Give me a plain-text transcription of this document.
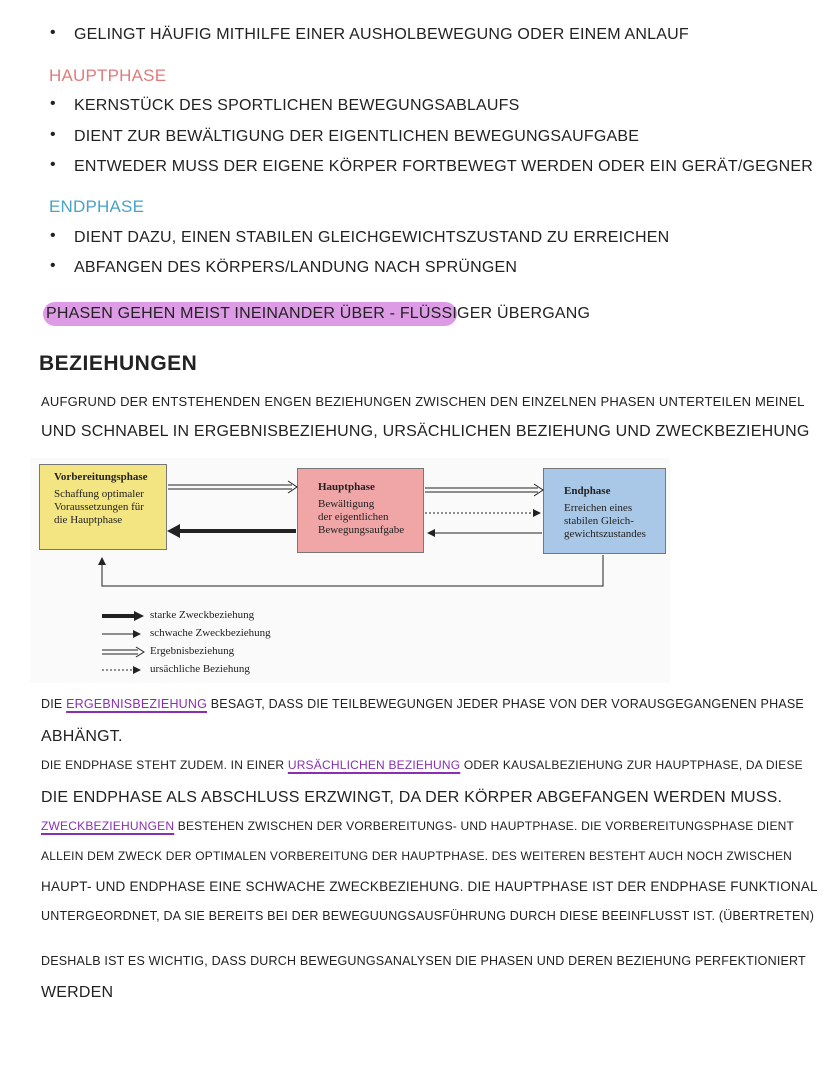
• GELINGT HÄUFIG MITHILFE EINER AUSHOLBEWEGUNG ODER EINEM ANLAUF
HAUPTPHASE
• KERNSTÜCK DES SPORTLICHEN BEWEGUNGSABLAUFS
• DIENT ZUR BEWÄLTIGUNG DER EIGENTLICHEN BEWEGUNGSAUFGABE
• ENTWEDER MUSS DER EIGENE KÖRPER FORTBEWEGT WERDEN ODER EIN GERÄT/GEGNER
ENDPHASE
• DIENT DAZU, EINEN STABILEN GLEICHGEWICHTSZUSTAND ZU ERREICHEN
• ABFANGEN DES KÖRPERS/LANDUNG NACH SPRÜNGEN
PHASEN GEHEN MEIST INEINANDER ÜBER - FLÜSSIGER ÜBERGANG
BEZIEHUNGEN
AUFGRUND DER ENTSTEHENDEN ENGEN BEZIEHUNGEN ZWISCHEN DEN EINZELNEN PHASEN UNTERTEILEN MEINEL
UND SCHNABEL IN ERGEBNISBEZIEHUNG, URSÄCHLICHEN BEZIEHUNG UND ZWECKBEZIEHUNG
Vorbereitungsphase
Schaffung optimaler
Voraussetzungen für
die Hauptphase
Hauptphase
Bewältigung
der eigentlichen
Bewegungsaufgabe
Endphase
Erreichen eines
stabilen Gleich-
gewichtszustandes
starke Zweckbeziehung
schwache Zweckbeziehung
Ergebnisbeziehung
ursächliche Beziehung
DIE ERGEBNISBEZIEHUNG BESAGT, DASS DIE TEILBEWEGUNGEN JEDER PHASE VON DER VORAUSGEGANGENEN PHASE
ABHÄNGT.
DIE ENDPHASE STEHT ZUDEM. IN EINER URSÄCHLICHEN BEZIEHUNG ODER KAUSALBEZIEHUNG ZUR HAUPTPHASE, DA DIESE
DIE ENDPHASE ALS ABSCHLUSS ERZWINGT, DA DER KÖRPER ABGEFANGEN WERDEN MUSS.
ZWECKBEZIEHUNGEN BESTEHEN ZWISCHEN DER VORBEREITUNGS- UND HAUPTPHASE. DIE VORBEREITUNGSPHASE DIENT
ALLEIN DEM ZWECK DER OPTIMALEN VORBEREITUNG DER HAUPTPHASE. DES WEITEREN BESTEHT AUCH NOCH ZWISCHEN
HAUPT- UND ENDPHASE EINE SCHWACHE ZWECKBEZIEHUNG. DIE HAUPTPHASE IST DER ENDPHASE FUNKTIONAL
UNTERGEORDNET, DA SIE BEREITS BEI DER BEWEGUUNGSAUSFÜHRUNG DURCH DIESE BEEINFLUSST IST. (ÜBERTRETEN)
DESHALB IST ES WICHTIG, DASS DURCH BEWEGUNGSANALYSEN DIE PHASEN UND DEREN BEZIEHUNG PERFEKTIONIERT
WERDEN
